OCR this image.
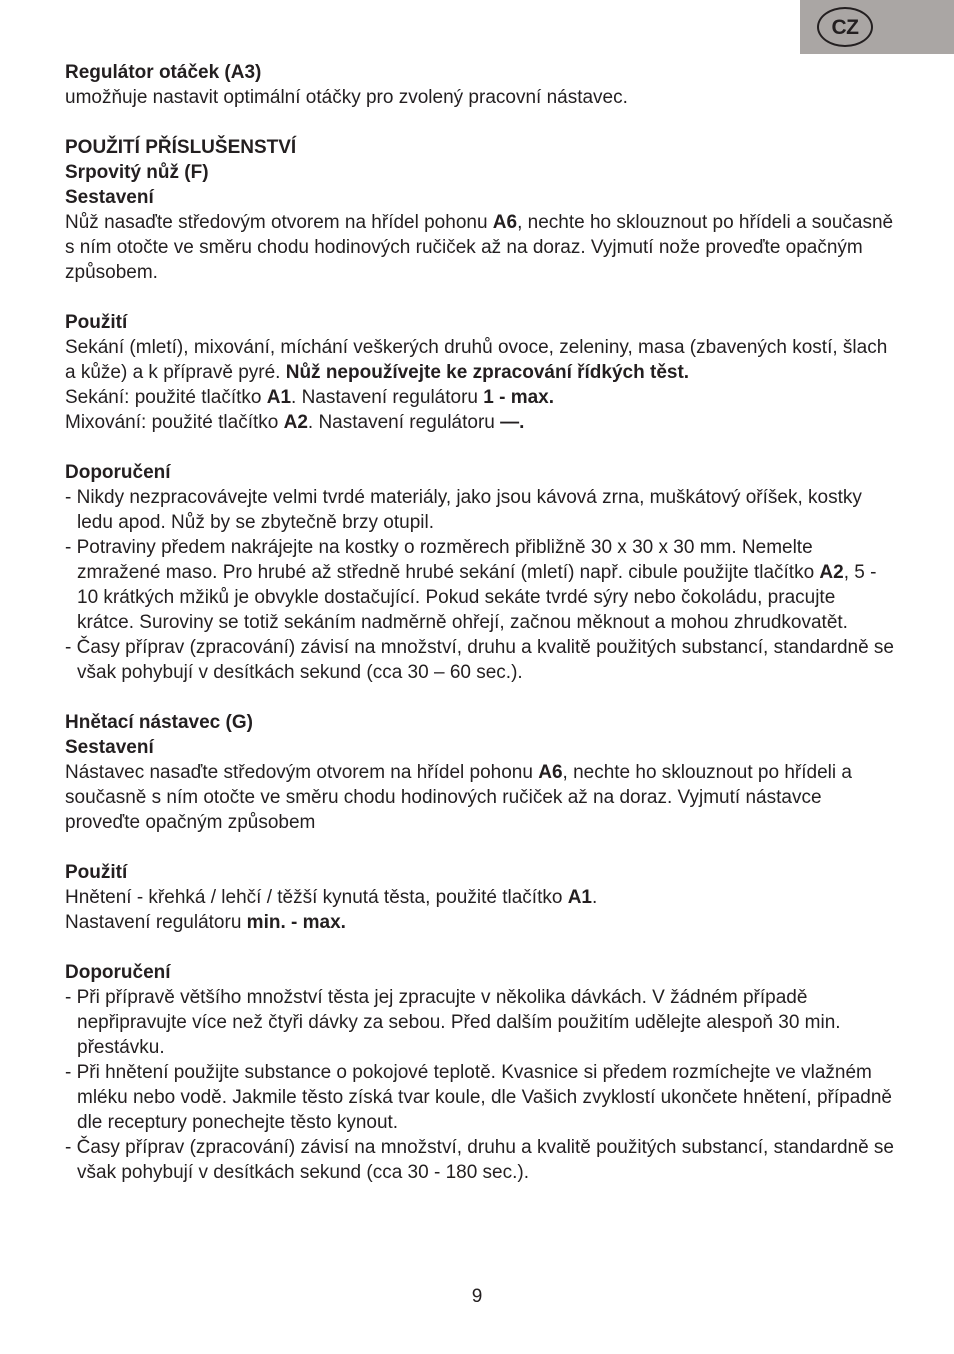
CZ

Regulátor otáček (A3)

umožňuje nastavit optimální otáčky pro zvolený pracovní nástavec.

POUŽITÍ PŘÍSLUŠENSTVÍ

Srpovitý nůž (F)

Sestavení

Nůž nasaďte středovým otvorem na hřídel pohonu A6, nechte ho sklouznout po hřídeli a současně s ním otočte ve směru chodu hodinových ručiček až na doraz. Vyjmutí nože proveďte opačným způsobem.

Použití

Sekání (mletí), mixování, míchání veškerých druhů ovoce, zeleniny, masa (zbavených kostí, šlach a kůže) a k přípravě pyré. Nůž nepoužívejte ke zpracování řídkých těst.

Sekání: použité tlačítko A1. Nastavení regulátoru 1 - max.

Mixování: použité tlačítko A2. Nastavení regulátoru —.

Doporučení

- Nikdy nezpracovávejte velmi tvrdé materiály, jako jsou kávová zrna, muškátový oříšek, kostky ledu apod. Nůž by se zbytečně brzy otupil.

- Potraviny předem nakrájejte na kostky o rozměrech přibližně 30 x 30 x 30 mm. Nemelte zmražené maso. Pro hrubé až středně hrubé sekání (mletí) např. cibule použijte tlačítko A2, 5 - 10 krátkých mžiků je obvykle dostačující. Pokud sekáte tvrdé sýry nebo čokoládu, pracujte krátce. Suroviny se totiž sekáním nadměrně ohřejí, začnou měknout a mohou zhrudkovatět.

- Časy příprav (zpracování) závisí na množství, druhu a kvalitě použitých substancí, standardně se však pohybují v desítkách sekund (cca 30 – 60 sec.).

Hnětací nástavec (G)

Sestavení

Nástavec nasaďte středovým otvorem na hřídel pohonu A6, nechte ho sklouznout po hřídeli a současně s ním otočte ve směru chodu hodinových ručiček až na doraz. Vyjmutí nástavce proveďte opačným způsobem

Použití

Hnětení - křehká / lehčí / těžší kynutá těsta, použité tlačítko A1.

Nastavení regulátoru min. - max.

Doporučení

- Při přípravě většího množství těsta jej zpracujte v několika dávkách. V žádném případě nepřipravujte více než čtyři dávky za sebou. Před dalším použitím udělejte alespoň 30 min. přestávku.

- Při hnětení použijte substance o pokojové teplotě. Kvasnice si předem rozmíchejte ve vlažném mléku nebo vodě. Jakmile těsto získá tvar koule, dle Vašich zvyklostí ukončete hnětení, případně dle receptury ponechejte těsto kynout.

- Časy příprav (zpracování) závisí na množství, druhu a kvalitě použitých substancí, standardně se však pohybují v desítkách sekund (cca 30 - 180 sec.).

9
